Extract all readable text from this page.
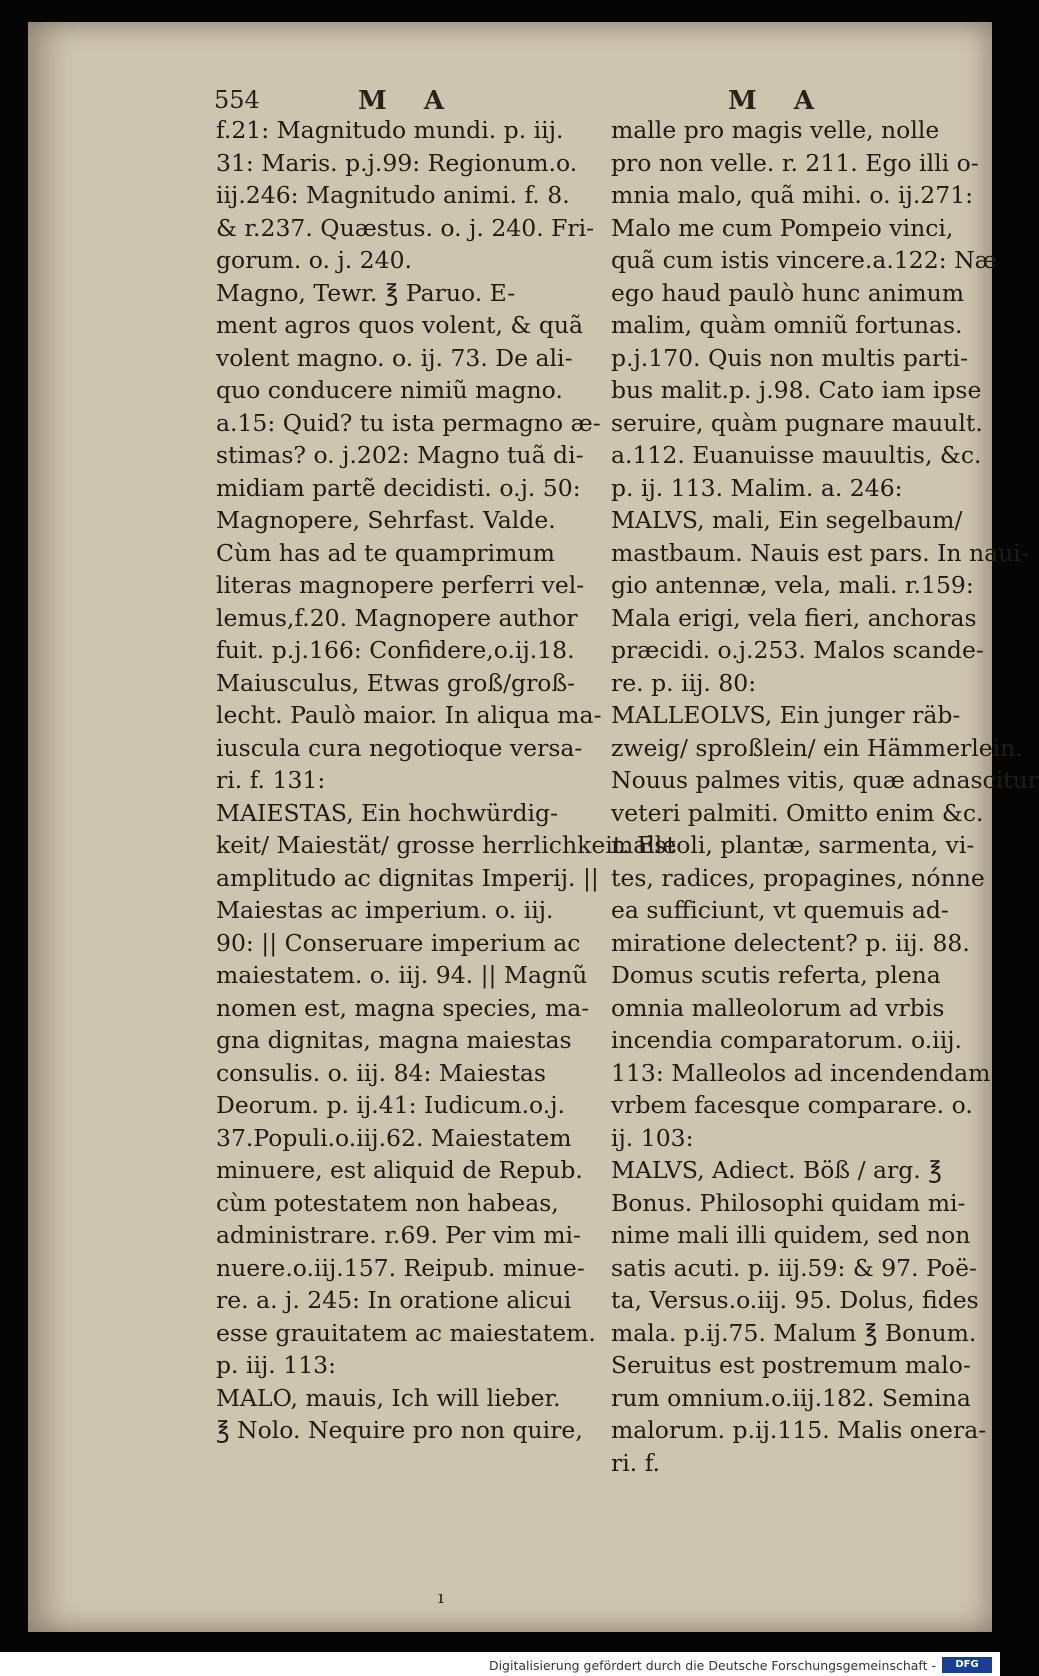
554	M A	M A
f.21: Magnitudo mundi. p. iij.
31: Maris. p.j.99: Regionum.o.
iij.246: Magnitudo animi. f. 8.
& r.237. Quæstus. o. j. 240. Fri-
gorum. o. j. 240.
Magno, Tewr. ℥ Paruo. E-
ment agros quos volent, & quã
volent magno. o. ij. 73. De ali-
quo conducere nimiũ magno.
a.15: Quid? tu ista permagno æ-
stimas? o. j.202: Magno tuã di-
midiam partẽ decidisti. o.j. 50:
Magnopere, Sehrfast. Valde.
Cùm has ad te quamprimum
literas magnopere perferri vel-
lemus,f.20. Magnopere author
fuit. p.j.166: Confidere,o.ij.18.
Maiusculus, Etwas groß/groß-
lecht. Paulò maior. In aliqua ma-
iuscula cura negotioque versa-
ri. f. 131:
MAIESTAS, Ein hochwürdig-
keit/ Maiestät/ grosse herrlichkeit. Est
amplitudo ac dignitas Imperij. ||
Maiestas ac imperium. o. iij.
90: || Conseruare imperium ac
maiestatem. o. iij. 94. || Magnũ
nomen est, magna species, ma-
gna dignitas, magna maiestas
consulis. o. iij. 84: Maiestas
Deorum. p. ij.41: Iudicum.o.j.
37.Populi.o.iij.62. Maiestatem
minuere, est aliquid de Repub.
cùm potestatem non habeas,
administrare. r.69. Per vim mi-
nuere.o.iij.157. Reipub. minue-
re. a. j. 245: In oratione alicui
esse grauitatem ac maiestatem.
p. iij. 113:
MALO, mauis, Ich will lieber.
℥ Nolo. Nequire pro non quire,
malle pro magis velle, nolle
pro non velle. r. 211. Ego illi o-
mnia malo, quã mihi. o. ij.271:
Malo me cum Pompeio vinci,
quã cum istis vincere.a.122: Næ
ego haud paulò hunc animum
malim, quàm omniũ fortunas.
p.j.170. Quis non multis parti-
bus malit.p. j.98. Cato iam ipse
seruire, quàm pugnare mauult.
a.112. Euanuisse mauultis, &c.
p. ij. 113. Malim. a. 246:
MALVS, mali, Ein segelbaum/
mastbaum. Nauis est pars. In naui-
gio antennæ, vela, mali. r.159:
Mala erigi, vela fieri, anchoras
præcidi. o.j.253. Malos scande-
re. p. iij. 80:
MALLEOLVS, Ein junger räb-
zweig/ sproßlein/ ein Hämmerlein.
Nouus palmes vitis, quæ adnascitur
veteri palmiti. Omitto enim &c.
malleoli, plantæ, sarmenta, vi-
tes, radices, propagines, nónne
ea sufficiunt, vt quemuis ad-
miratione delectent? p. iij. 88.
Domus scutis referta, plena
omnia malleolorum ad vrbis
incendia comparatorum. o.iij.
113: Malleolos ad incendendam
vrbem facesque comparare. o.
ij. 103:
MALVS, Adiect. Böß / arg. ℥
Bonus. Philosophi quidam mi-
nime mali illi quidem, sed non
satis acuti. p. iij.59: & 97. Poë-
ta, Versus.o.iij. 95. Dolus, fides
mala. p.ij.75. Malum ℥ Bonum.
Seruitus est postremum malo-
rum omnium.o.iij.182. Semina
malorum. p.ij.115. Malis onera-
ri. f.
ı
Digitalisierung gefördert durch die Deutsche Forschungsgemeinschaft -	DFG
